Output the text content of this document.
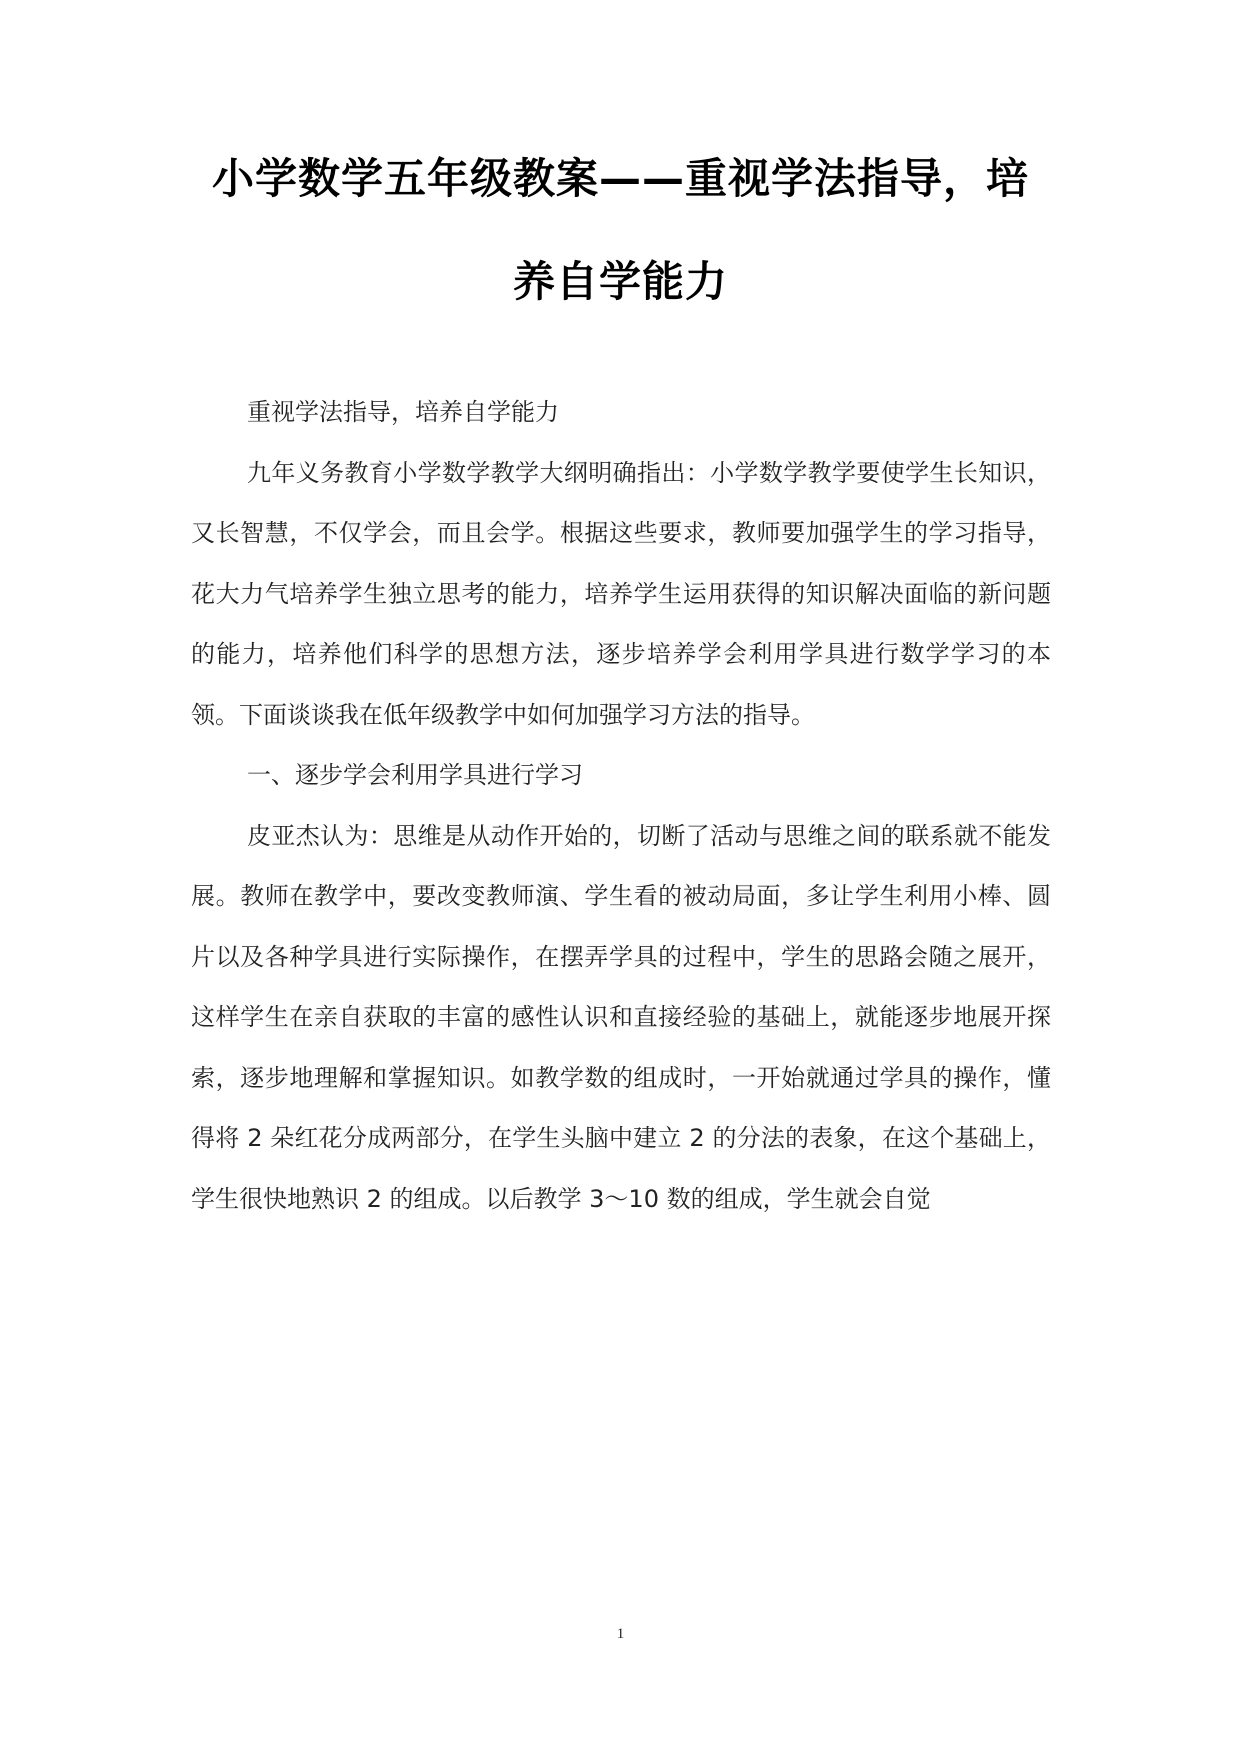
小学数学五年级教案——重视学法指导，培
养自学能力

重视学法指导，培养自学能力

九年义务教育小学数学教学大纲明确指出：小学数学教学要使学生长知识，又长智慧，不仅学会，而且会学。根据这些要求，教师要加强学生的学习指导，花大力气培养学生独立思考的能力，培养学生运用获得的知识解决面临的新问题的能力，培养他们科学的思想方法，逐步培养学会利用学具进行数学学习的本领。下面谈谈我在低年级教学中如何加强学习方法的指导。

一、逐步学会利用学具进行学习

皮亚杰认为：思维是从动作开始的，切断了活动与思维之间的联系就不能发展。教师在教学中，要改变教师演、学生看的被动局面，多让学生利用小棒、圆片以及各种学具进行实际操作，在摆弄学具的过程中，学生的思路会随之展开，这样学生在亲自获取的丰富的感性认识和直接经验的基础上，就能逐步地展开探索，逐步地理解和掌握知识。如教学数的组成时，一开始就通过学具的操作，懂得将 2 朵红花分成两部分，在学生头脑中建立 2 的分法的表象，在这个基础上，学生很快地熟识 2 的组成。以后教学 3～10 数的组成，学生就会自觉

1
